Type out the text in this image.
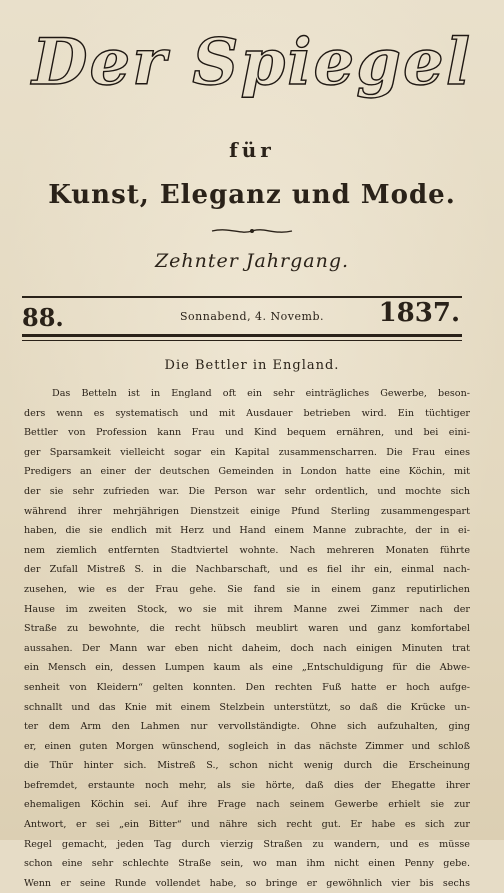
Der Spiegel
für
Kunst, Eleganz und Mode.
Zehnter Jahrgang.
88.	Sonnabend, 4. Novemb.	1837.
Die Bettler in England.
Das Betteln ist in England oft ein sehr einträgliches Gewerbe, beson-
ders wenn es systematisch und mit Ausdauer betrieben wird. Ein tüchtiger
Bettler von Profession kann Frau und Kind bequem ernähren, und bei eini-
ger Sparsamkeit vielleicht sogar ein Kapital zusammenscharren. Die Frau eines
Predigers an einer der deutschen Gemeinden in London hatte eine Köchin, mit
der sie sehr zufrieden war. Die Person war sehr ordentlich, und mochte sich
während ihrer mehrjährigen Dienstzeit einige Pfund Sterling zusammengespart
haben, die sie endlich mit Herz und Hand einem Manne zubrachte, der in ei-
nem ziemlich entfernten Stadtviertel wohnte. Nach mehreren Monaten führte
der Zufall Mistreß S. in die Nachbarschaft, und es fiel ihr ein, einmal nach-
zusehen, wie es der Frau gehe. Sie fand sie in einem ganz reputirlichen
Hause im zweiten Stock, wo sie mit ihrem Manne zwei Zimmer nach der
Straße zu bewohnte, die recht hübsch meublirt waren und ganz komfortabel
aussahen. Der Mann war eben nicht daheim, doch nach einigen Minuten trat
ein Mensch ein, dessen Lumpen kaum als eine „Entschuldigung für die Abwe-
senheit von Kleidern“ gelten konnten. Den rechten Fuß hatte er hoch aufge-
schnallt und das Knie mit einem Stelzbein unterstützt, so daß die Krücke un-
ter dem Arm den Lahmen nur vervollständigte. Ohne sich aufzuhalten, ging
er, einen guten Morgen wünschend, sogleich in das nächste Zimmer und schloß
die Thür hinter sich. Mistreß S., schon nicht wenig durch die Erscheinung
befremdet, erstaunte noch mehr, als sie hörte, daß dies der Ehegatte ihrer
ehemaligen Köchin sei. Auf ihre Frage nach seinem Gewerbe erhielt sie zur
Antwort, er sei „ein Bitter“ und nähre sich recht gut. Er habe es sich zur
Regel gemacht, jeden Tag durch vierzig Straßen zu wandern, und es müsse
schon eine sehr schlechte Straße sein, wo man ihm nicht einen Penny gebe.
Wenn er seine Runde vollendet habe, so bringe er gewöhnlich vier bis sechs
